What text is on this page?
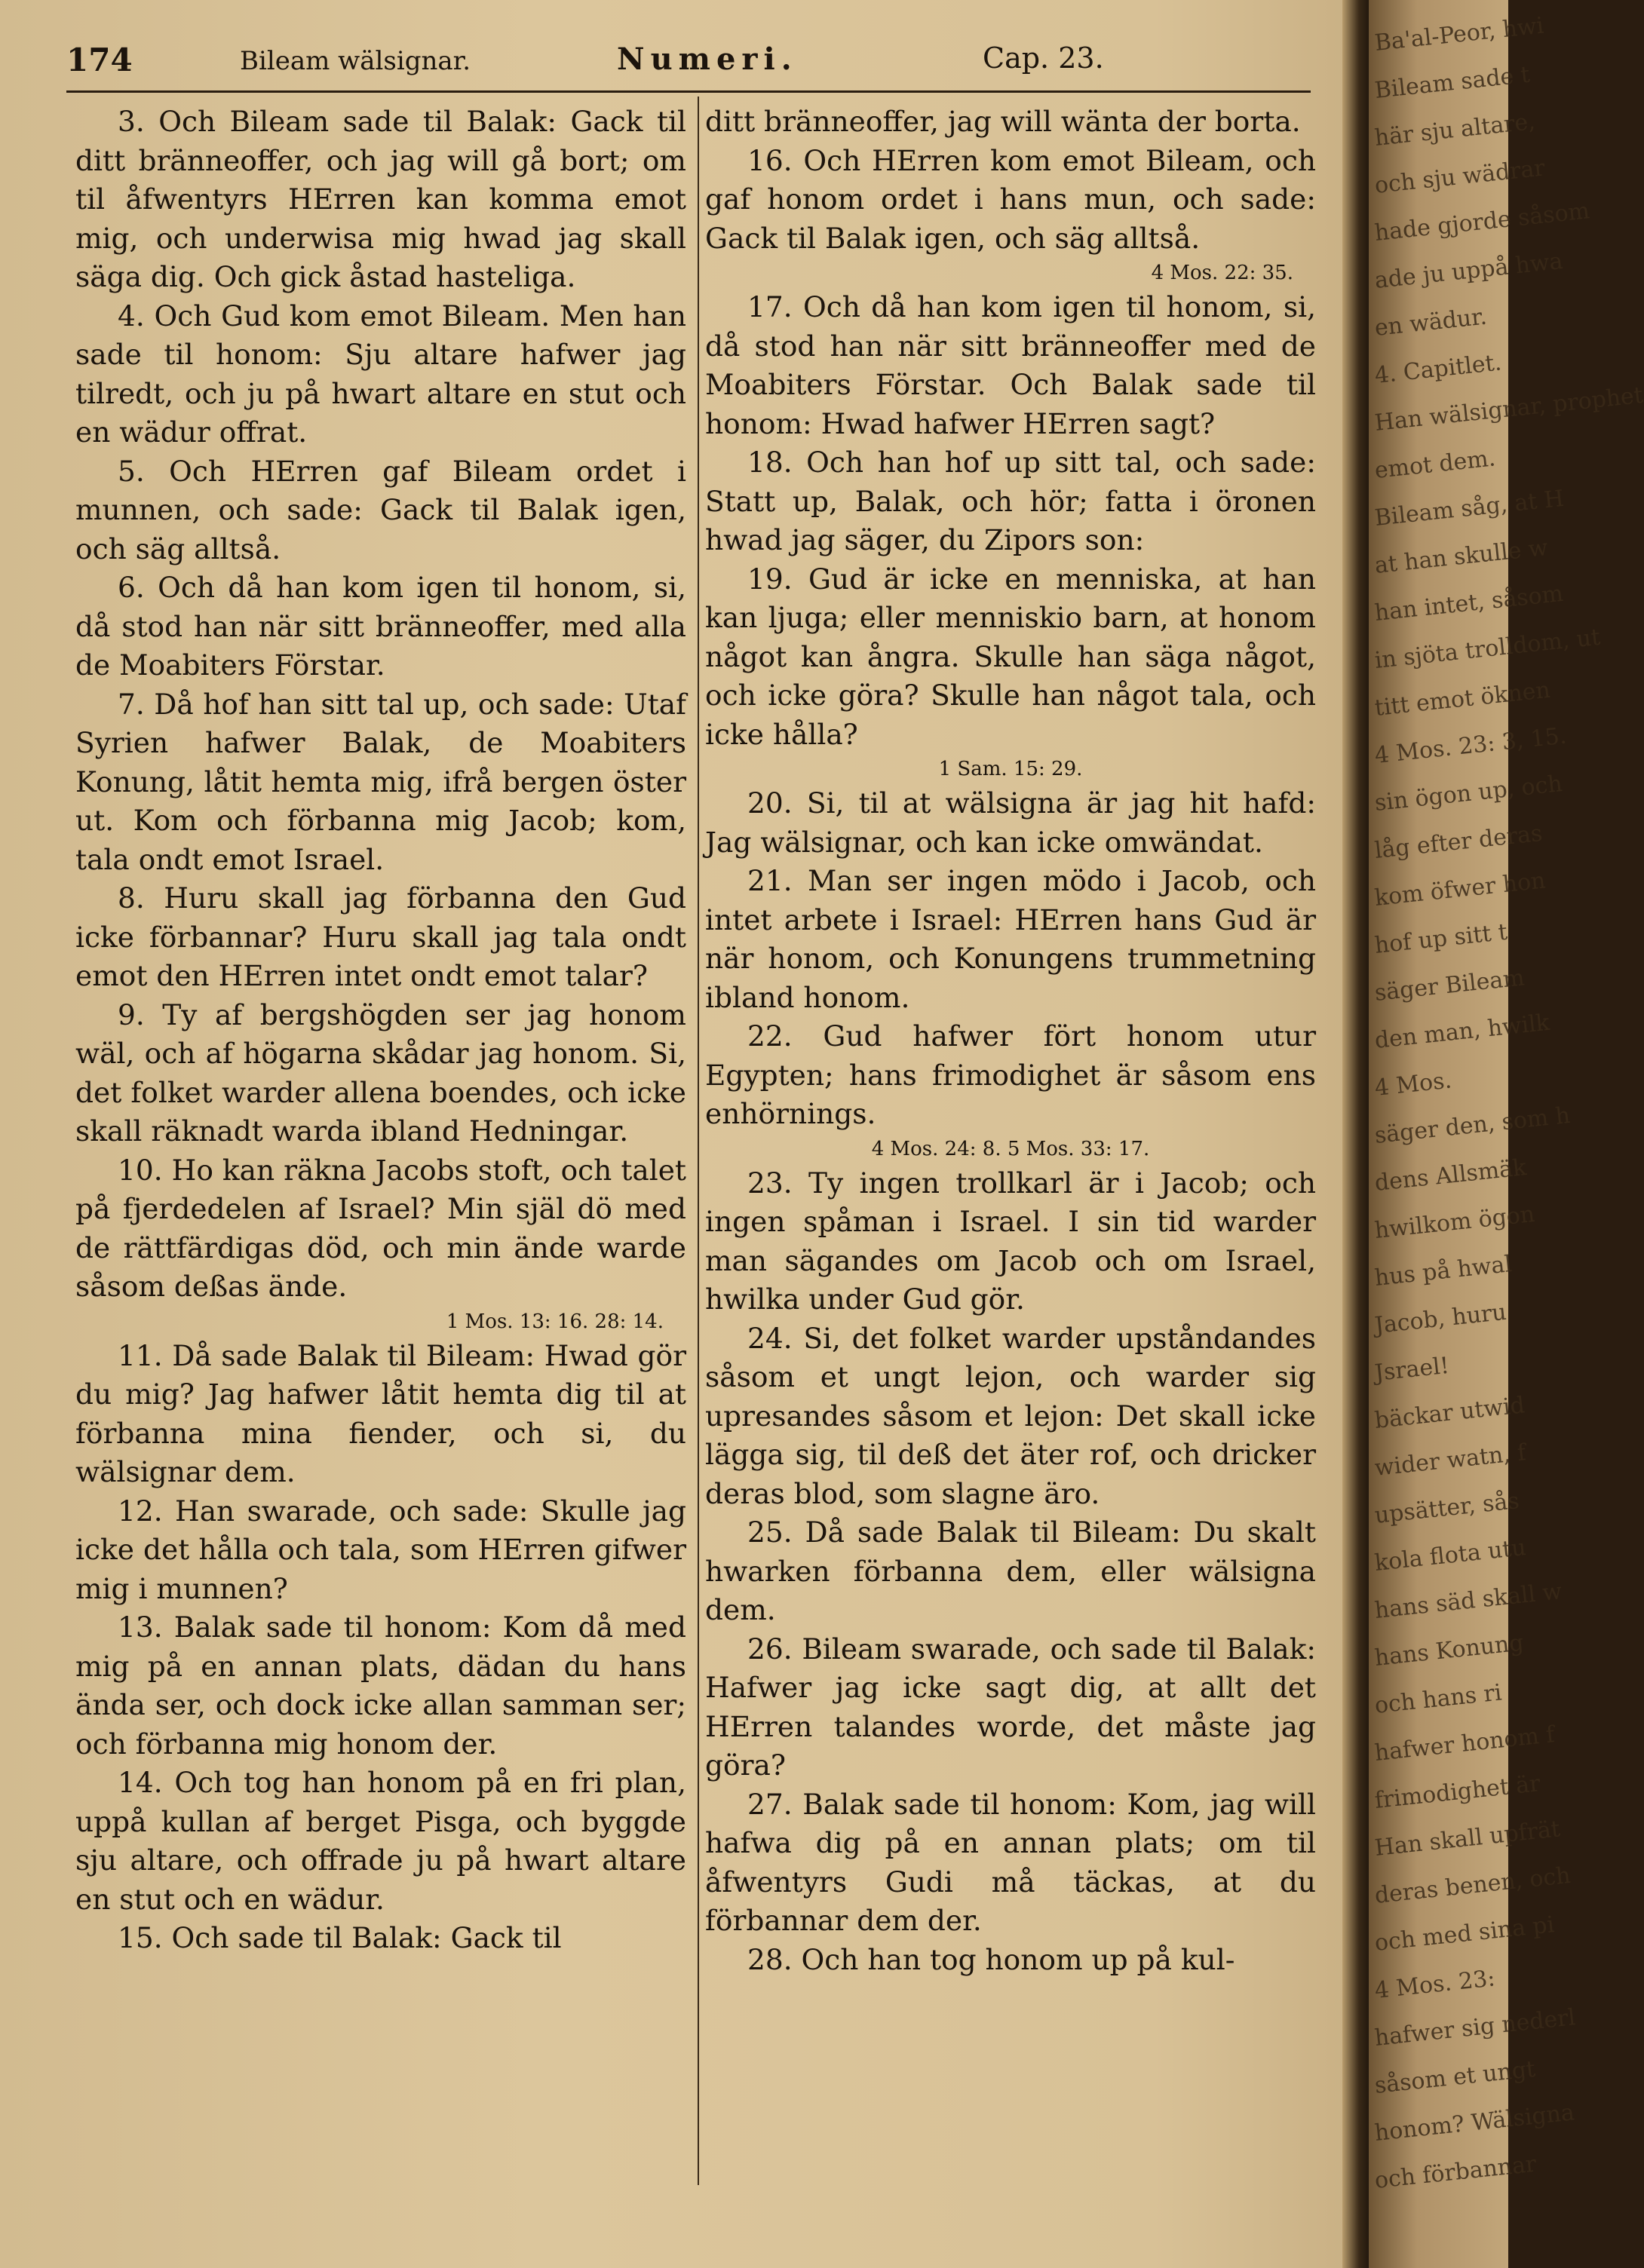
174	Bileam wälsignar.	Numeri.	Cap. 23.

3. Och Bileam sade til Balak: Gack til ditt bränneoffer, och jag will gå bort; om til åfwentyrs HErren kan komma emot mig, och underwisa mig hwad jag skall säga dig. Och gick åstad hasteliga.

4. Och Gud kom emot Bileam. Men han sade til honom: Sju altare hafwer jag tilredt, och ju på hwart altare en stut och en wädur offrat.

5. Och HErren gaf Bileam ordet i munnen, och sade: Gack til Balak igen, och säg alltså.

6. Och då han kom igen til honom, si, då stod han när sitt bränneoffer, med alla de Moabiters Förstar.

7. Då hof han sitt tal up, och sade: Utaf Syrien hafwer Balak, de Moabiters Konung, låtit hemta mig, ifrå bergen öster ut. Kom och förbanna mig Jacob; kom, tala ondt emot Israel.

8. Huru skall jag förbanna den Gud icke förbannar? Huru skall jag tala ondt emot den HErren intet ondt emot talar?

9. Ty af bergshögden ser jag honom wäl, och af högarna skådar jag honom. Si, det folket warder allena boendes, och icke skall räknadt warda ibland Hedningar.

10. Ho kan räkna Jacobs stoft, och talet på fjerdedelen af Israel? Min själ dö med de rättfärdigas död, och min ände warde såsom deßas ände.

1 Mos. 13: 16. 28: 14.

11. Då sade Balak til Bileam: Hwad gör du mig? Jag hafwer låtit hemta dig til at förbanna mina fiender, och si, du wälsignar dem.

12. Han swarade, och sade: Skulle jag icke det hålla och tala, som HErren gifwer mig i munnen?

13. Balak sade til honom: Kom då med mig på en annan plats, dädan du hans ända ser, och dock icke allan samman ser; och förbanna mig honom der.

14. Och tog han honom på en fri plan, uppå kullan af berget Pisga, och byggde sju altare, och offrade ju på hwart altare en stut och en wädur.

15. Och sade til Balak: Gack til

ditt bränneoffer, jag will wänta der borta.

16. Och HErren kom emot Bileam, och gaf honom ordet i hans mun, och sade: Gack til Balak igen, och säg alltså.

4 Mos. 22: 35.

17. Och då han kom igen til honom, si, då stod han när sitt bränneoffer med de Moabiters Förstar. Och Balak sade til honom: Hwad hafwer HErren sagt?

18. Och han hof up sitt tal, och sade: Statt up, Balak, och hör; fatta i öronen hwad jag säger, du Zipors son:

19. Gud är icke en menniska, at han kan ljuga; eller menniskio barn, at honom något kan ångra. Skulle han säga något, och icke göra? Skulle han något tala, och icke hålla?

1 Sam. 15: 29.

20. Si, til at wälsigna är jag hit hafd: Jag wälsignar, och kan icke omwändat.

21. Man ser ingen mödo i Jacob, och intet arbete i Israel: HErren hans Gud är när honom, och Konungens trummetning ibland honom.

22. Gud hafwer fört honom utur Egypten; hans frimodighet är såsom ens enhörnings.

4 Mos. 24: 8. 5 Mos. 33: 17.

23. Ty ingen trollkarl är i Jacob; och ingen spåman i Israel. I sin tid warder man sägandes om Jacob och om Israel, hwilka under Gud gör.

24. Si, det folket warder upståndandes såsom et ungt lejon, och warder sig upresandes såsom et lejon: Det skall icke lägga sig, til deß det äter rof, och dricker deras blod, som slagne äro.

25. Då sade Balak til Bileam: Du skalt hwarken förbanna dem, eller wälsigna dem.

26. Bileam swarade, och sade til Balak: Hafwer jag icke sagt dig, at allt det HErren talandes worde, det måste jag göra?

27. Balak sade til honom: Kom, jag will hafwa dig på en annan plats; om til åfwentyrs Gudi må täckas, at du förbannar dem der.

28. Och han tog honom up på kul-

Ba'al-Peor, hwi
Bileam sade t
här sju altare,
och sju wädrar
hade gjorde såsom
ade ju uppå hwa
en wädur.
4. Capitlet.
Han wälsignar, prophet
emot dem.
Bileam såg, at H
at han skulle w
han intet, såsom
in sjöta trolldom, ut
titt emot öknen
4 Mos. 23: 3, 15.
sin ögon up, och
låg efter deras
kom öfwer hon
hof up sitt t
säger Bileam
den man, hwilk
4 Mos.
säger den, som h
dens Allsmäk
hwilkom ögon
hus på hwal
Jacob, huru
Jsrael!
bäckar utwid
wider watn, f
upsätter, sås
kola flota utu
hans säd skall w
hans Konung
och hans ri
hafwer honom f
frimodighet är
Han skall upfrät
deras benen, och
och med sina pi
4 Mos. 23:
hafwer sig nederl
såsom et ungt
honom? Wälsigna
och förbannar
